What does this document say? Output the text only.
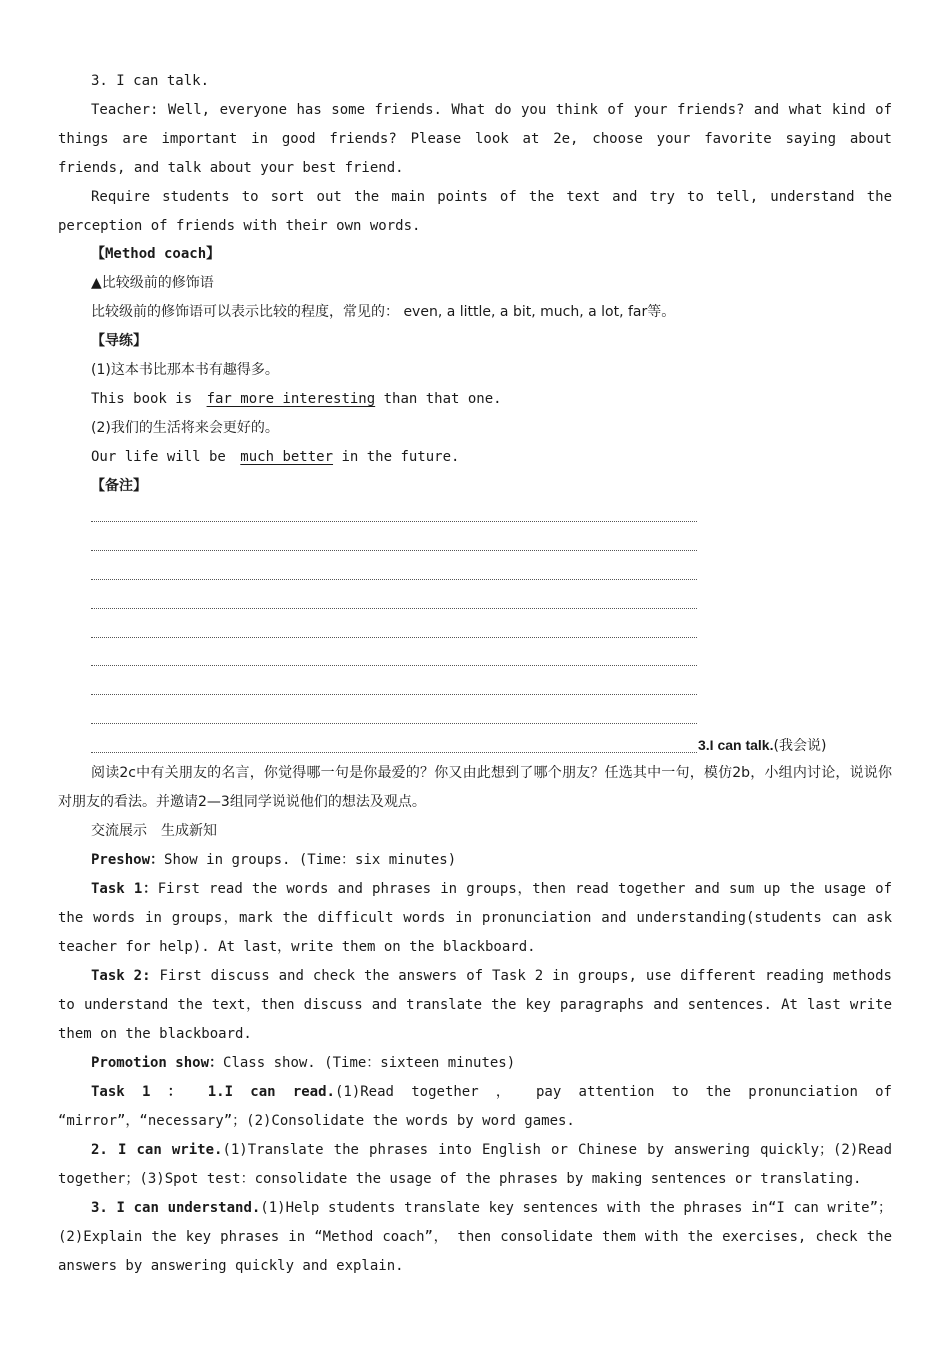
3. I can talk.
Teacher: Well, everyone has some friends. What do you think of your friends? and what kind of things are important in good friends? Please look at 2e, choose your favorite saying about friends, and talk about your best friend.
Require students to sort out the main points of the text and try to tell, understand the perception of friends with their own words.
【Method coach】
▲比较级前的修饰语
比较级前的修饰语可以表示比较的程度，常见的： even, a little, a bit, much, a lot, far等。
【导练】
(1)这本书比那本书有趣得多。
This book is far more interesting than that one.
(2)我们的生活将来会更好的。
Our life will be much better in the future.
【备注】
3.I can talk.(我会说)
阅读2c中有关朋友的名言，你觉得哪一句是你最爱的？你又由此想到了哪个朋友？任选其中一句，模仿2b，小组内讨论，说说你对朋友的看法。并邀请2—3组同学说说他们的想法及观点。
交流展示　生成新知
Preshow：Show in groups. (Time：six minutes)
Task 1：First read the words and phrases in groups，then read together and sum up the usage of the words in groups，mark the difficult words in pronunciation and understanding(students can ask teacher for help). At last，write them on the blackboard.
Task 2: First discuss and check the answers of Task 2 in groups, use different reading methods to understand the text，then discuss and translate the key paragraphs and sentences. At last write them on the blackboard.
Promotion show：Class show. (Time：sixteen minutes)
Task 1 ： 1.I can read.(1)Read together ， pay attention to the pronunciation of “mirror”，“necessary”；(2)Consolidate the words by word games.
2. I can write.(1)Translate the phrases into English or Chinese by answering quickly；(2)Read together；(3)Spot test：consolidate the usage of the phrases by making sentences or translating.
3. I can understand.(1)Help students translate key sentences with the phrases in“I can write”；(2)Explain the key phrases in “Method coach”， then consolidate them with the exercises, check the answers by answering quickly and explain.
